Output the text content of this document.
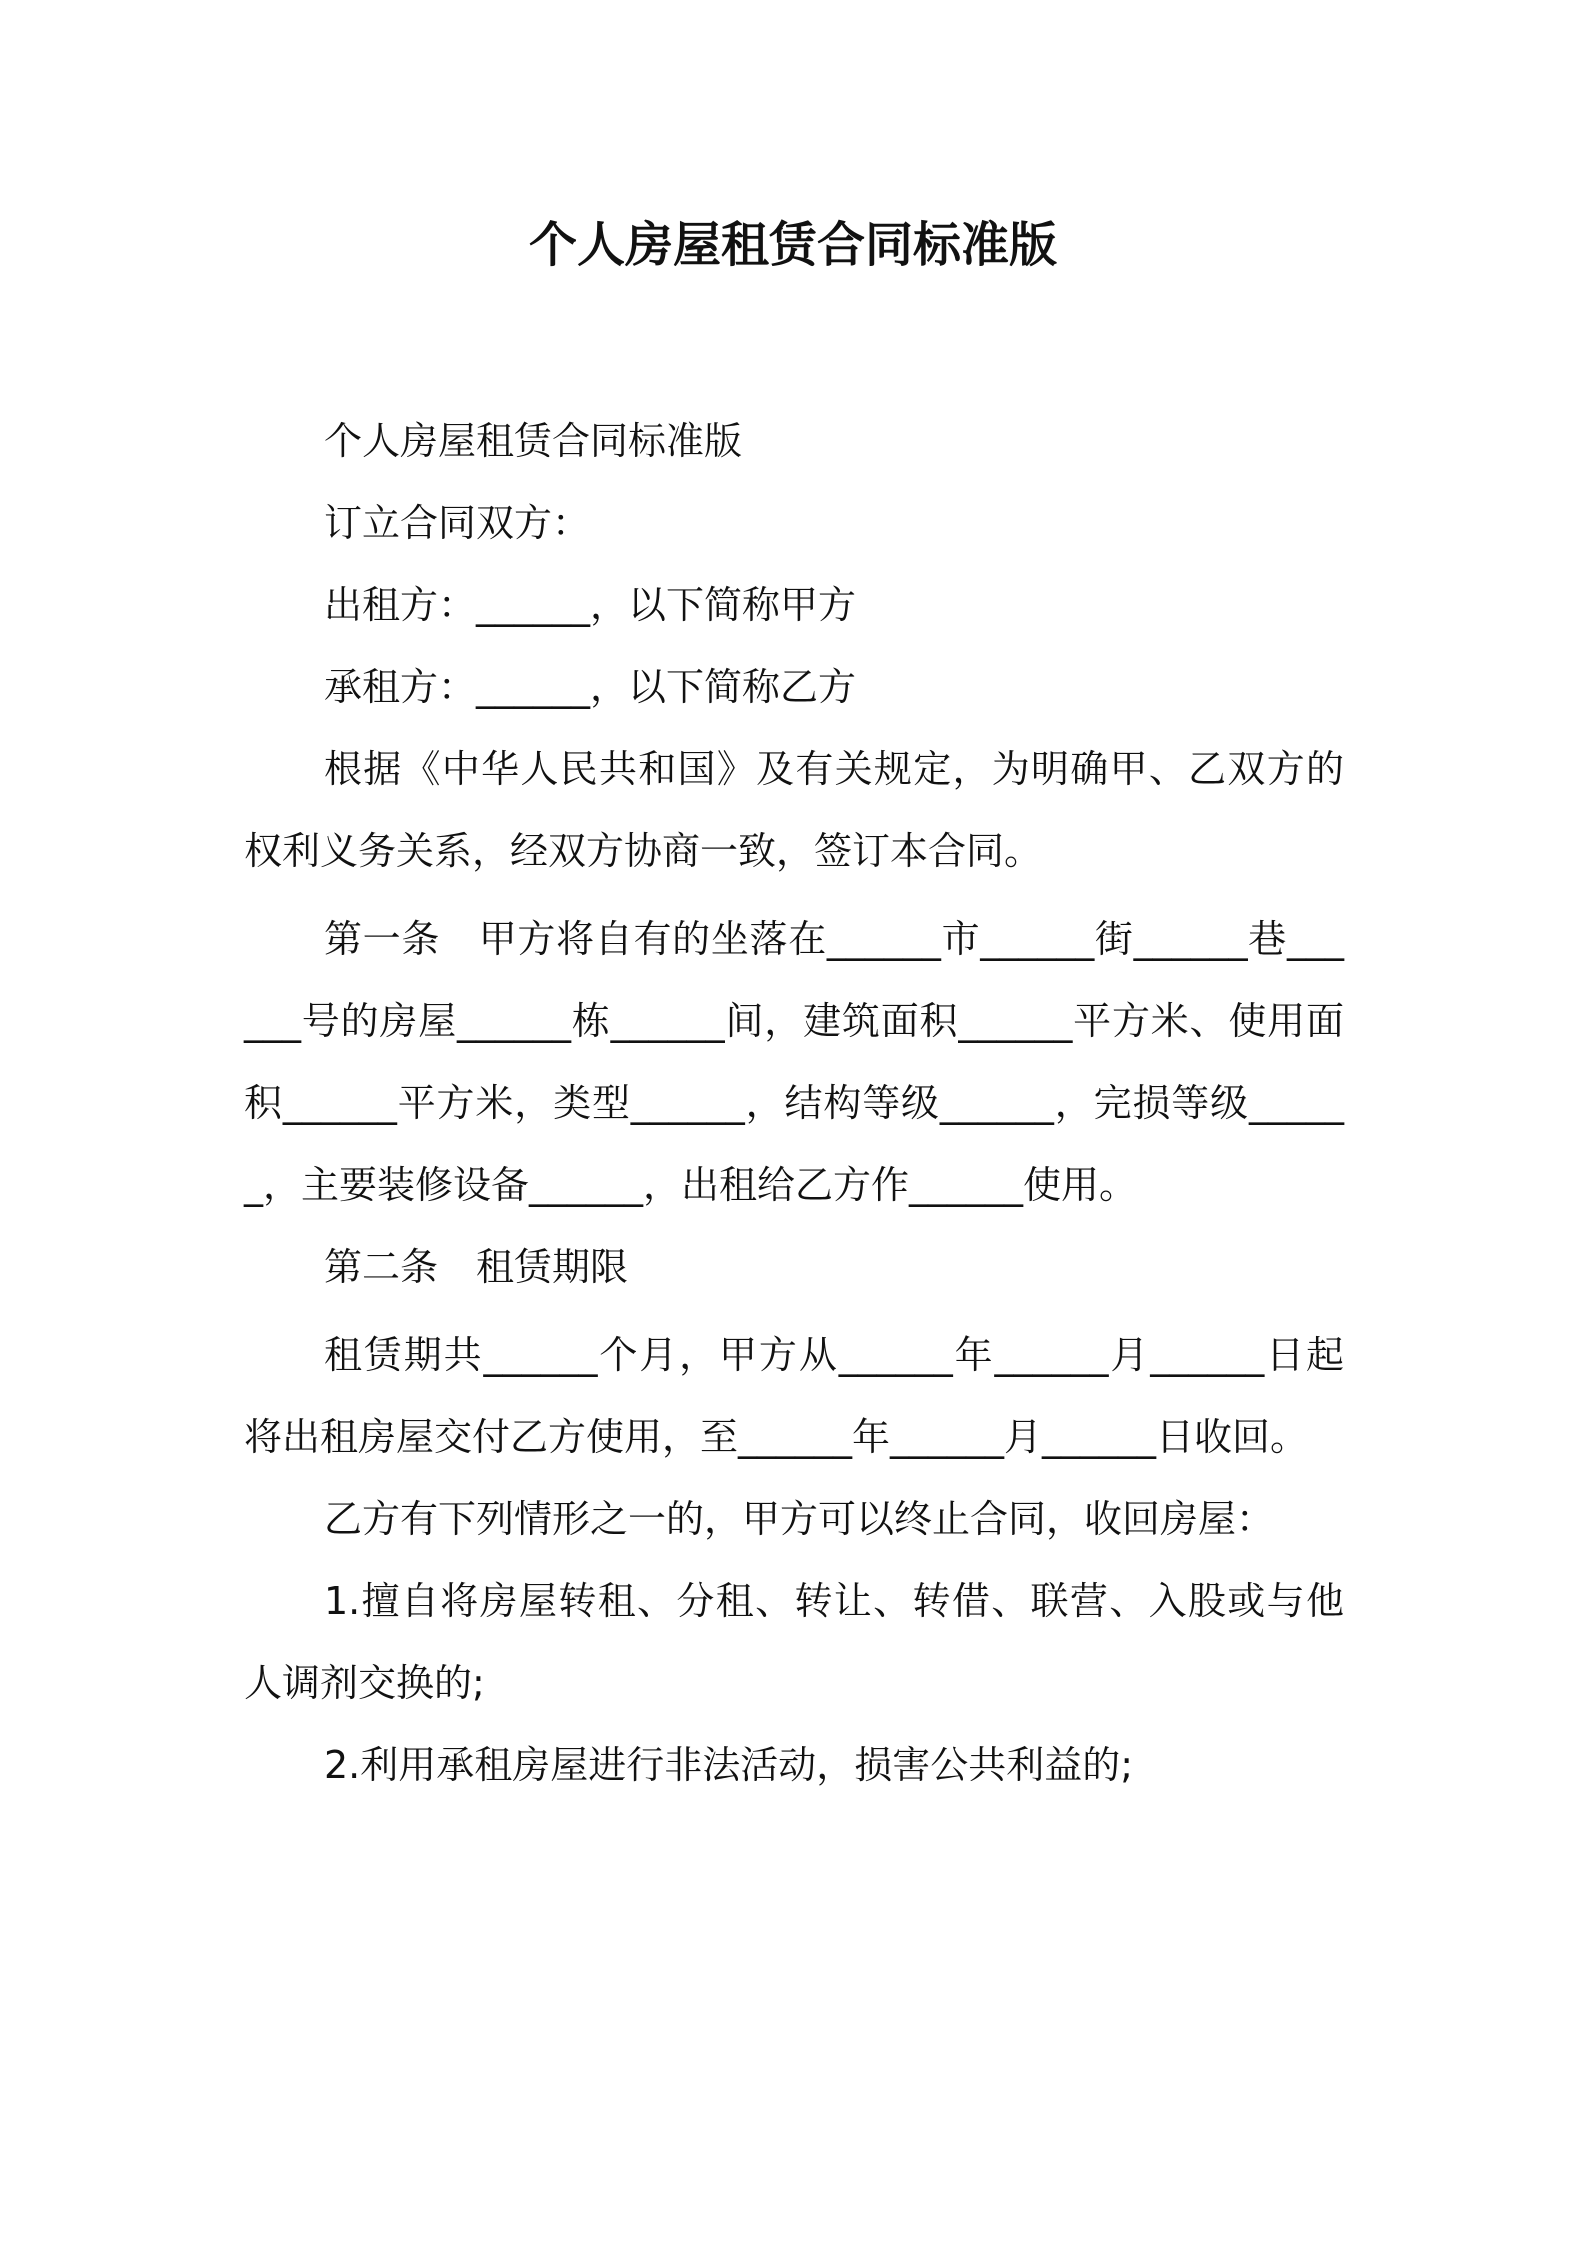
个人房屋租赁合同标准版

个人房屋租赁合同标准版

订立合同双方：

出租方：______，以下简称甲方

承租方：______，以下简称乙方

根据《中华人民共和国》及有关规定，为明确甲、乙双方的权利义务关系，经双方协商一致，签订本合同。

第一条　甲方将自有的坐落在______市______街______巷______号的房屋______栋______间，建筑面积______平方米、使用面积______平方米，类型______，结构等级______，完损等级______，主要装修设备______，出租给乙方作______使用。

第二条　租赁期限

租赁期共______个月，甲方从______年______月______日起将出租房屋交付乙方使用，至______年______月______日收回。

乙方有下列情形之一的，甲方可以终止合同，收回房屋：

1.擅自将房屋转租、分租、转让、转借、联营、入股或与他人调剂交换的;

2.利用承租房屋进行非法活动，损害公共利益的;
